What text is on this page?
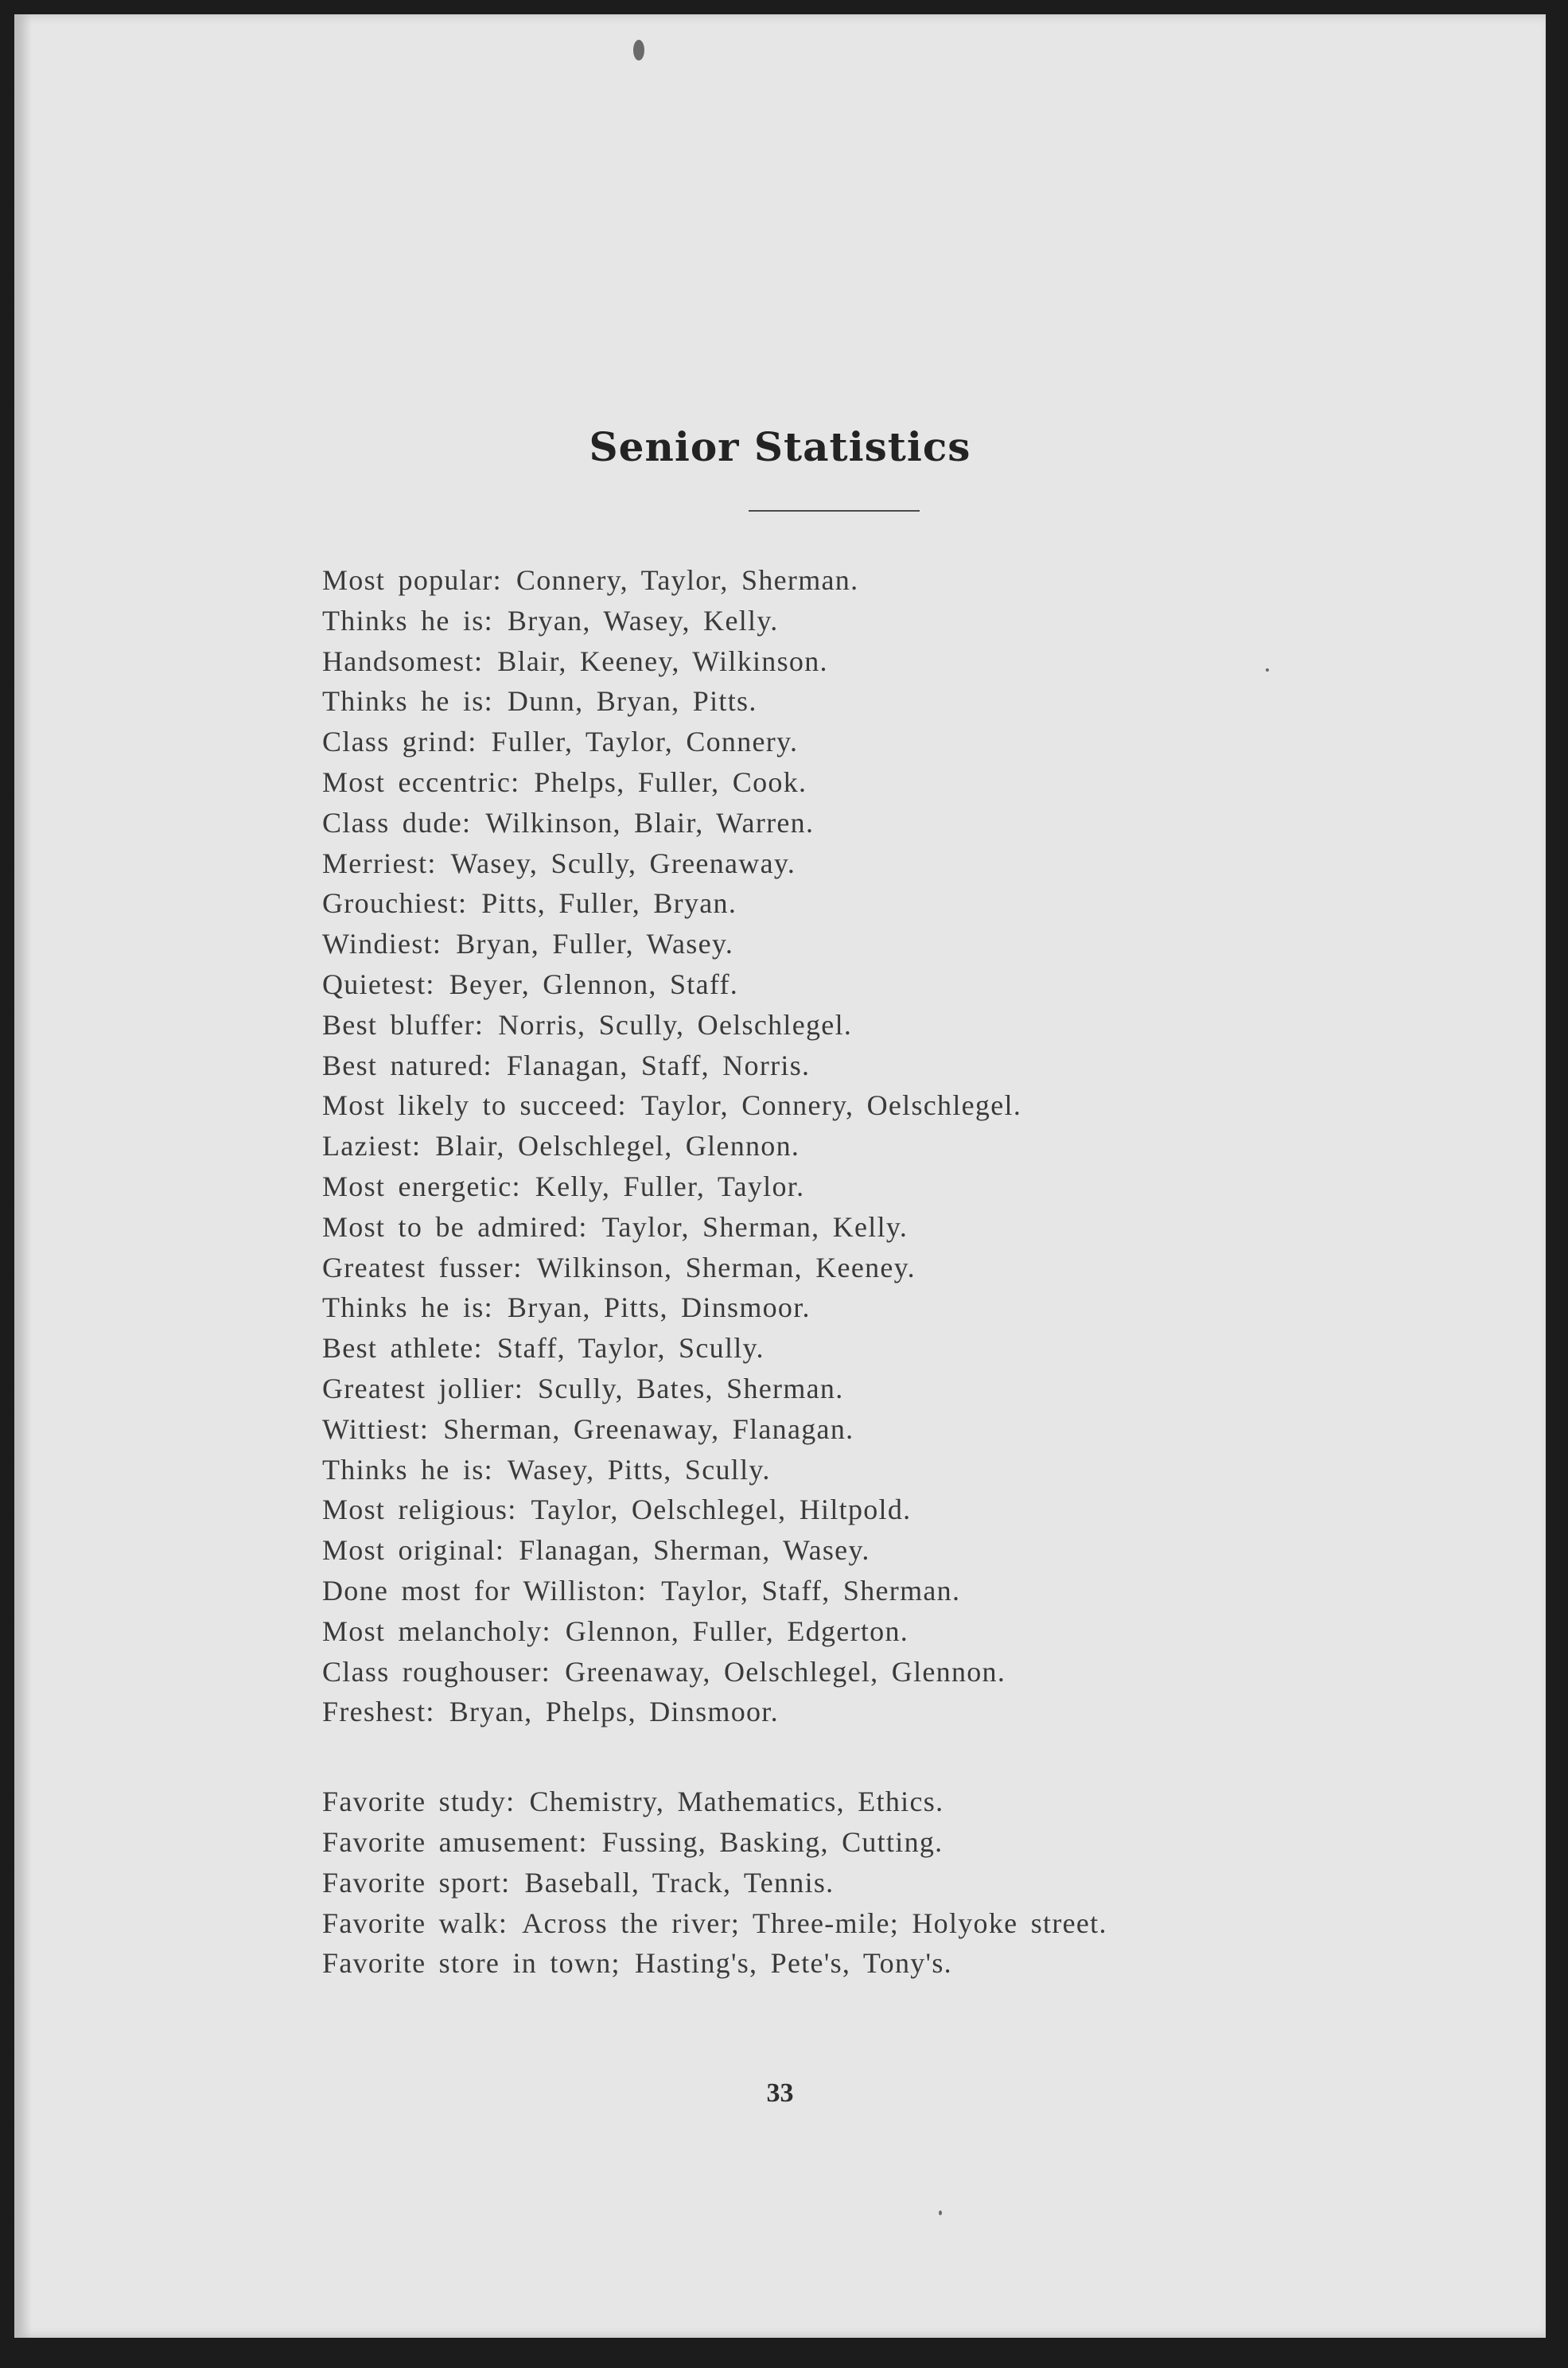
Senior Statistics
Most popular: Connery, Taylor, Sherman.
Thinks he is: Bryan, Wasey, Kelly.
Handsomest: Blair, Keeney, Wilkinson.
Thinks he is: Dunn, Bryan, Pitts.
Class grind: Fuller, Taylor, Connery.
Most eccentric: Phelps, Fuller, Cook.
Class dude: Wilkinson, Blair, Warren.
Merriest: Wasey, Scully, Greenaway.
Grouchiest: Pitts, Fuller, Bryan.
Windiest: Bryan, Fuller, Wasey.
Quietest: Beyer, Glennon, Staff.
Best bluffer: Norris, Scully, Oelschlegel.
Best natured: Flanagan, Staff, Norris.
Most likely to succeed: Taylor, Connery, Oelschlegel.
Laziest: Blair, Oelschlegel, Glennon.
Most energetic: Kelly, Fuller, Taylor.
Most to be admired: Taylor, Sherman, Kelly.
Greatest fusser: Wilkinson, Sherman, Keeney.
Thinks he is: Bryan, Pitts, Dinsmoor.
Best athlete: Staff, Taylor, Scully.
Greatest jollier: Scully, Bates, Sherman.
Wittiest: Sherman, Greenaway, Flanagan.
Thinks he is: Wasey, Pitts, Scully.
Most religious: Taylor, Oelschlegel, Hiltpold.
Most original: Flanagan, Sherman, Wasey.
Done most for Williston: Taylor, Staff, Sherman.
Most melancholy: Glennon, Fuller, Edgerton.
Class roughouser: Greenaway, Oelschlegel, Glennon.
Freshest: Bryan, Phelps, Dinsmoor.
Favorite study: Chemistry, Mathematics, Ethics.
Favorite amusement: Fussing, Basking, Cutting.
Favorite sport: Baseball, Track, Tennis.
Favorite walk: Across the river; Three-mile; Holyoke street.
Favorite store in town; Hasting's, Pete's, Tony's.
33
